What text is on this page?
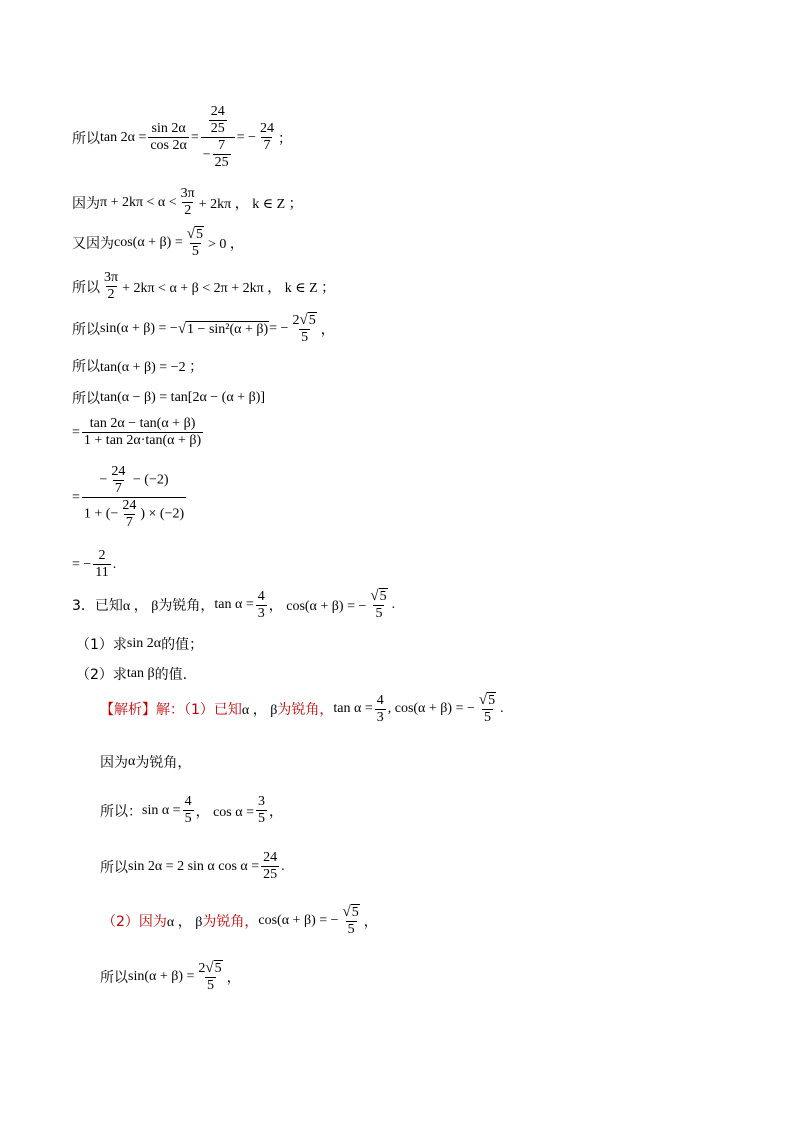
所以 $\tan 2\alpha = \frac{\sin 2\alpha}{\cos 2\alpha} = \frac{\frac{24}{25}}{- \frac{7}{25}}$ = − $\frac{24}{7}$ ；
因为 $\pi + 2k\pi < \alpha < \frac{3\pi}{2} + 2k\pi$ ， k ∈ Z ；
又因为 $\cos(\alpha + \beta) = \frac{√ 5}{5} > 0$ ，
所以 $\frac{3\pi}{2} + 2k\pi < \alpha + \beta < 2\pi + 2k\pi$ ， k ∈ Z ；
所以 sin(α + β) = − √ 1 − sin²(α + β) = − $\frac{2 √ 5}{5}$ ，
所以 tan(α + β) = −2 ；
所以 tan(α − β) = tan[2α − (α + β)]
= $\frac{\tan 2\alpha - \tan(\alpha + \beta)}{1 + \tan 2\alpha\cdot\tan(\alpha + \beta)}$
= $\frac{- \frac{24}{7} - (-2)}{1 + (- \frac{24}{7} ) \times (-2)}$
= − $\frac{2}{11}$ .
3．已知 α ， β 为锐角， $\tan \alpha = \frac{4}{3}$ ， cos(α + β) = − $\frac{√ 5}{5}$ .
（1）求 sin 2α 的值；
（2）求 tan β 的值.
【解析】 解：（1）已知 α ， β 为锐角， $\tan \alpha = \frac{4}{3}$ , cos(α + β) = − $\frac{√ 5}{5}$ .
因为 α 为锐角，
所以： $\sin \alpha = \frac{4}{5}$ ， $\cos \alpha = \frac{3}{5}$ ，
所以 sin 2α = 2 sin α $\cos \alpha = \frac{24}{25}$ .
（2）因为 α ， β 为锐角， cos(α + β) = − $\frac{√ 5}{5}$ ，
所以 $\sin(\alpha + \beta) = \frac{2 √ 5}{5}$ ，
